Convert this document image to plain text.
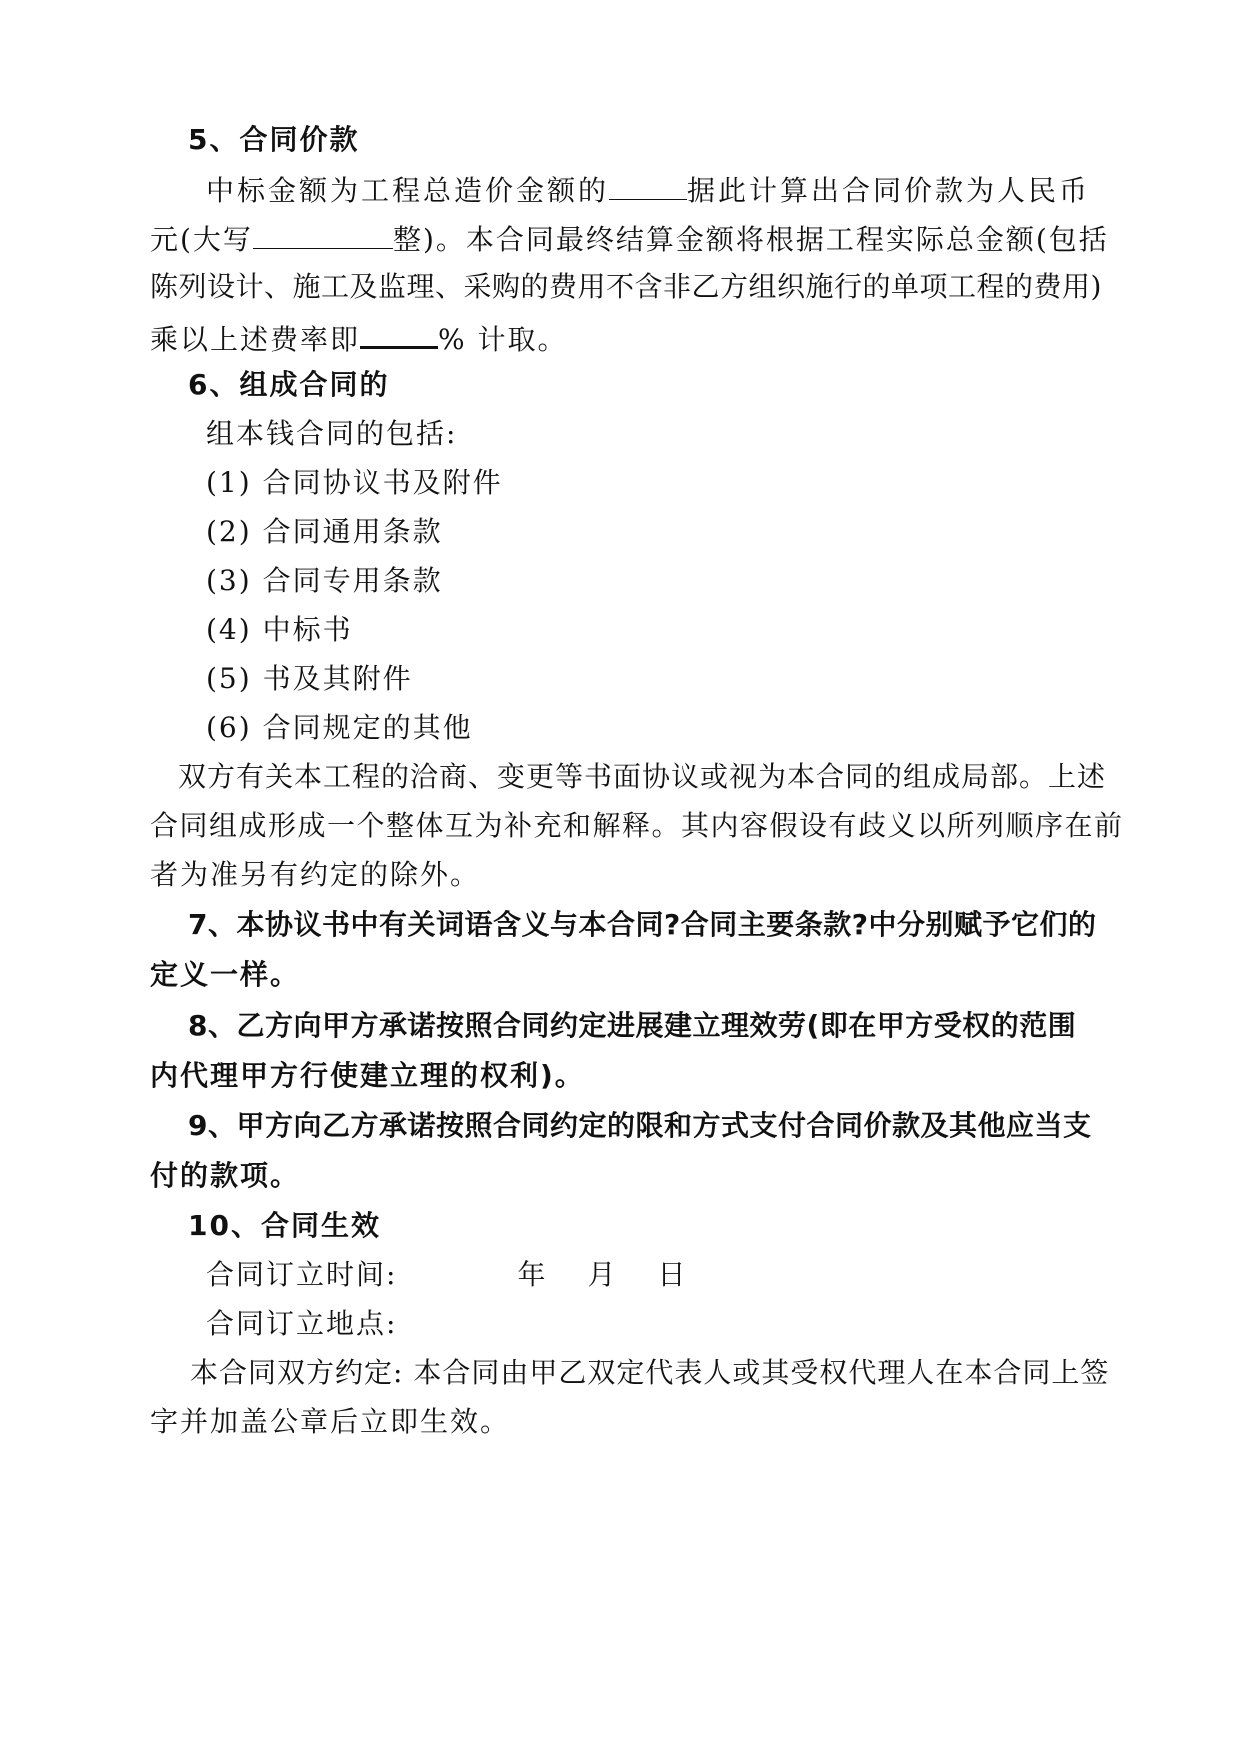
5、合同价款
中标金额为工程总造价金额的	据此计算出合同价款为人民币
元(大写	整)。本合同最终结算金额将根据工程实际总金额(包括
陈列设计、施工及监理、采购的费用不含非乙方组织施行的单项工程的费用)
乘以上述费率即	% 计取。
6、组成合同的
组本钱合同的包括:
(1) 合同协议书及附件
(2) 合同通用条款
(3) 合同专用条款
(4) 中标书
(5) 书及其附件
(6) 合同规定的其他
双方有关本工程的洽商、变更等书面协议或视为本合同的组成局部。上述
合同组成形成一个整体互为补充和解释。其内容假设有歧义以所列顺序在前
者为准另有约定的除外。
7、本协议书中有关词语含义与本合同?合同主要条款?中分别赋予它们的
定义一样。
8、乙方向甲方承诺按照合同约定进展建立理效劳(即在甲方受权的范围
内代理甲方行使建立理的权利)。
9、甲方向乙方承诺按照合同约定的限和方式支付合同价款及其他应当支
付的款项。
10、合同生效
合同订立时间:	年 月 日
合同订立地点:
本合同双方约定: 本合同由甲乙双定代表人或其受权代理人在本合同上签
字并加盖公章后立即生效。
